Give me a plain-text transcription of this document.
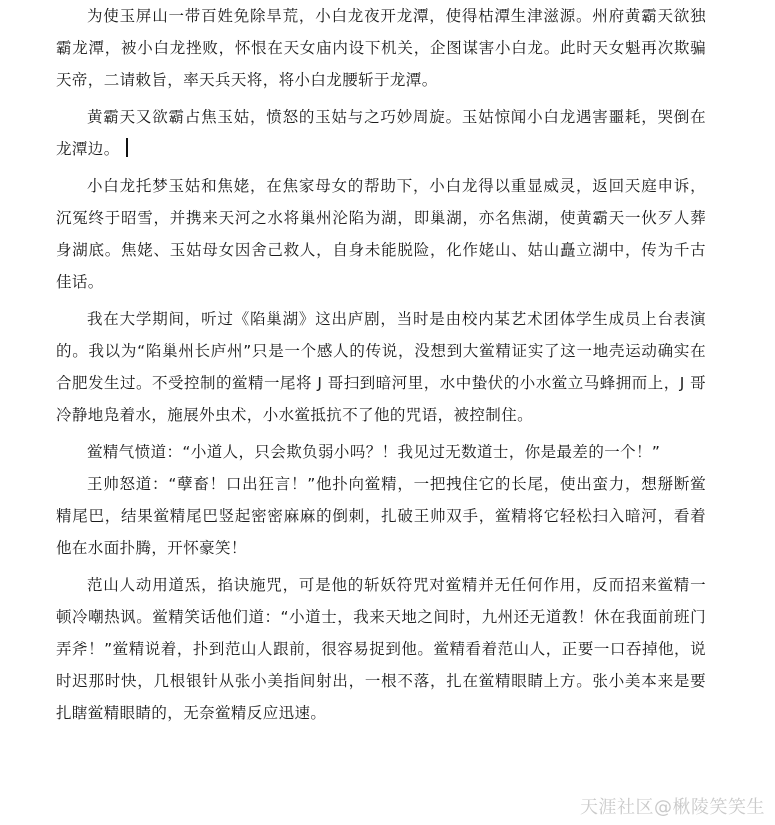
为使玉屏山一带百姓免除旱荒，小白龙夜开龙潭，使得枯潭生津滋源。州府黄霸天欲独霸龙潭，被小白龙挫败，怀恨在天女庙内设下机关，企图谋害小白龙。此时天女魁再次欺骗天帝，二请敕旨，率天兵天将，将小白龙腰斩于龙潭。

黄霸天又欲霸占焦玉姑，愤怒的玉姑与之巧妙周旋。玉姑惊闻小白龙遇害噩耗，哭倒在龙潭边。

小白龙托梦玉姑和焦姥，在焦家母女的帮助下，小白龙得以重显威灵，返回天庭申诉，沉冤终于昭雪，并携来天河之水将巢州沦陷为湖，即巢湖，亦名焦湖，使黄霸天一伙歹人葬身湖底。焦姥、玉姑母女因舍己救人，自身未能脱险，化作姥山、姑山矗立湖中，传为千古佳话。

我在大学期间，听过《陷巢湖》这出庐剧，当时是由校内某艺术团体学生成员上台表演的。我以为“陷巢州长庐州”只是一个感人的传说，没想到大鲎精证实了这一地壳运动确实在合肥发生过。不受控制的鲎精一尾将 J 哥扫到暗河里，水中蛰伏的小水鲎立马蜂拥而上，J 哥冷静地凫着水，施展外虫术，小水鲎抵抗不了他的咒语，被控制住。

鲎精气愤道：“小道人，只会欺负弱小吗？！我见过无数道士，你是最差的一个！”

王帅怒道：“孽畜！口出狂言！”他扑向鲎精，一把拽住它的长尾，使出蛮力，想掰断鲎精尾巴，结果鲎精尾巴竖起密密麻麻的倒刺，扎破王帅双手，鲎精将它轻松扫入暗河，看着他在水面扑腾，开怀豪笑！

范山人动用道炁，掐诀施咒，可是他的斩妖符咒对鲎精并无任何作用，反而招来鲎精一顿冷嘲热讽。鲎精笑话他们道：“小道士，我来天地之间时，九州还无道教！休在我面前班门弄斧！”鲎精说着，扑到范山人跟前，很容易捉到他。鲎精看着范山人，正要一口吞掉他，说时迟那时快，几根银针从张小美指间射出，一根不落，扎在鲎精眼睛上方。张小美本来是要扎瞎鲎精眼睛的，无奈鲎精反应迅速。

天涯社区@楸陵笑笑生
